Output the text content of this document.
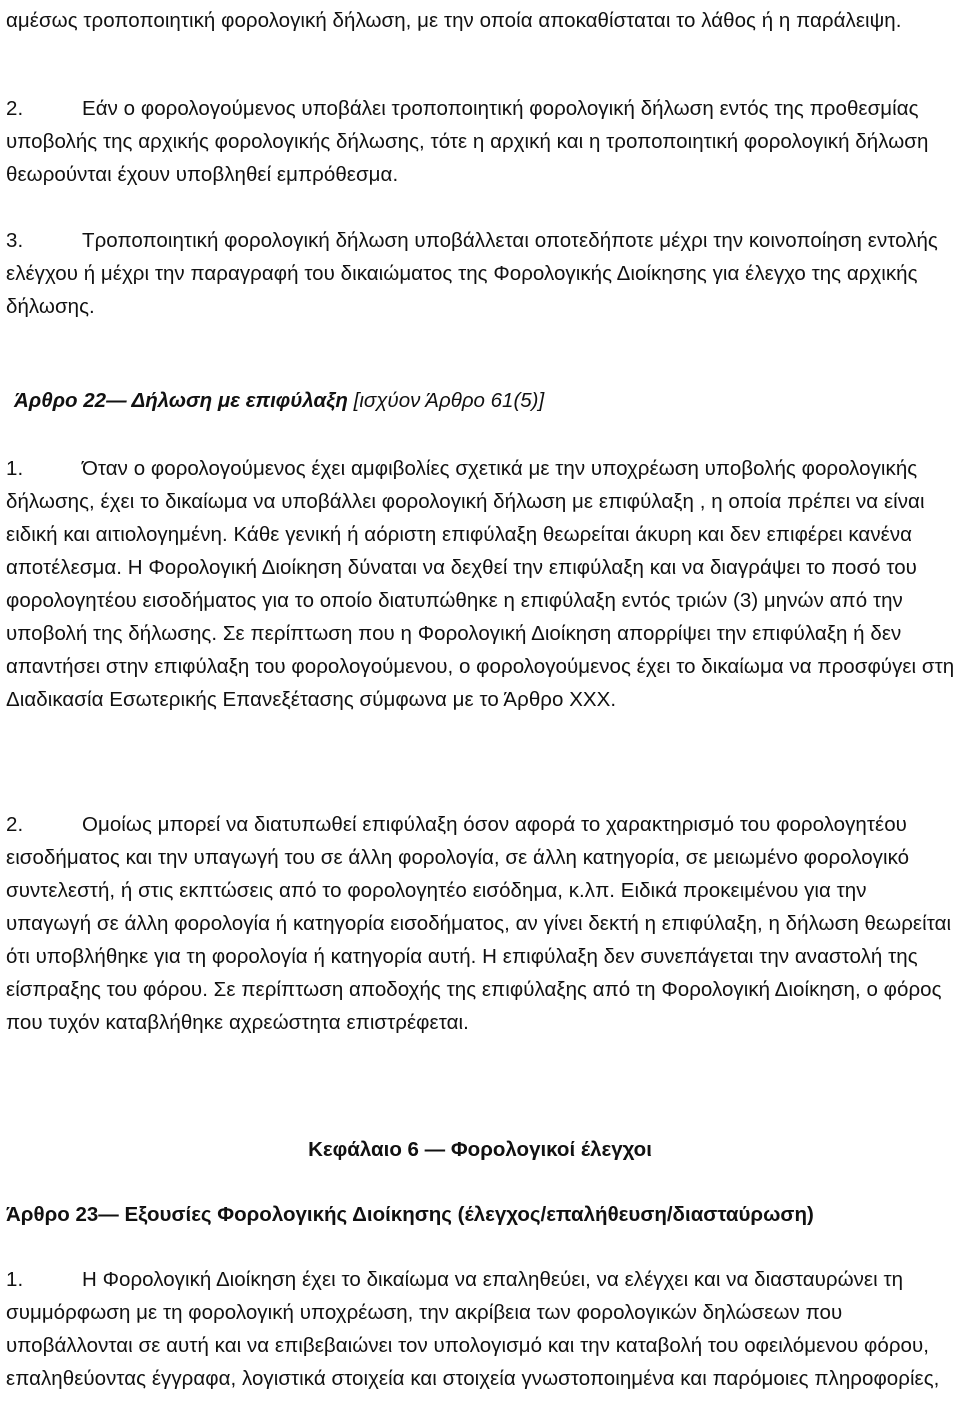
αμέσως τροποποιητική φορολογική δήλωση, με την οποία αποκαθίσταται το λάθος ή η παράλειψη.

2.	Εάν ο φορολογούμενος υποβάλει τροποποιητική φορολογική δήλωση εντός της προθεσμίας υποβολής της αρχικής φορολογικής δήλωσης, τότε η αρχική και η τροποποιητική φορολογική δήλωση θεωρούνται έχουν υποβληθεί εμπρόθεσμα.

3.	Τροποποιητική φορολογική δήλωση υποβάλλεται οποτεδήποτε μέχρι την κοινοποίηση εντολής ελέγχου ή μέχρι την παραγραφή του δικαιώματος της Φορολογικής Διοίκησης για έλεγχο της αρχικής δήλωσης.

Άρθρο 22— Δήλωση με επιφύλαξη [ισχύον Άρθρο 61(5)]

1.	Όταν ο φορολογούμενος έχει αμφιβολίες σχετικά με την υποχρέωση υποβολής φορολογικής δήλωσης, έχει το δικαίωμα να υποβάλλει φορολογική δήλωση με επιφύλαξη , η οποία πρέπει να είναι ειδική και αιτιολογημένη. Κάθε γενική ή αόριστη επιφύλαξη θεωρείται άκυρη και δεν επιφέρει κανένα αποτέλεσμα. Η Φορολογική Διοίκηση δύναται να δεχθεί την επιφύλαξη και να διαγράψει το ποσό του φορολογητέου εισοδήματος για το οποίο διατυπώθηκε η επιφύλαξη εντός τριών (3) μηνών από την υποβολή της δήλωσης. Σε περίπτωση που η Φορολογική Διοίκηση απορρίψει την επιφύλαξη ή δεν απαντήσει στην επιφύλαξη του φορολογούμενου, ο φορολογούμενος έχει το δικαίωμα να προσφύγει στη Διαδικασία Εσωτερικής Επανεξέτασης σύμφωνα με το Άρθρο ΧΧΧ.

2.	Ομοίως μπορεί να διατυπωθεί επιφύλαξη όσον αφορά το χαρακτηρισμό του φορολογητέου εισοδήματος και την υπαγωγή του σε άλλη φορολογία, σε άλλη κατηγορία, σε μειωμένο φορολογικό συντελεστή, ή στις εκπτώσεις από το φορολογητέο εισόδημα, κ.λπ. Ειδικά προκειμένου για την υπαγωγή σε άλλη φορολογία ή κατηγορία εισοδήματος, αν γίνει δεκτή η επιφύλαξη, η δήλωση θεωρείται ότι υποβλήθηκε για τη φορολογία ή κατηγορία αυτή. Η επιφύλαξη δεν συνεπάγεται την αναστολή της είσπραξης του φόρου. Σε περίπτωση αποδοχής της επιφύλαξης από τη Φορολογική Διοίκηση, ο φόρος που τυχόν καταβλήθηκε αχρεώστητα επιστρέφεται.

Κεφάλαιο 6 — Φορολογικοί έλεγχοι

Άρθρο 23— Εξουσίες Φορολογικής Διοίκησης (έλεγχος/επαλήθευση/διασταύρωση)

1.	Η Φορολογική Διοίκηση έχει το δικαίωμα να επαληθεύει, να ελέγχει και να διασταυρώνει τη συμμόρφωση με τη φορολογική υποχρέωση, την ακρίβεια των φορολογικών δηλώσεων που υποβάλλονται σε αυτή και να επιβεβαιώνει τον υπολογισμό και την καταβολή του οφειλόμενου φόρου, επαληθεύοντας έγγραφα, λογιστικά στοιχεία και στοιχεία γνωστοποιημένα και παρόμοιες πληροφορίες,
